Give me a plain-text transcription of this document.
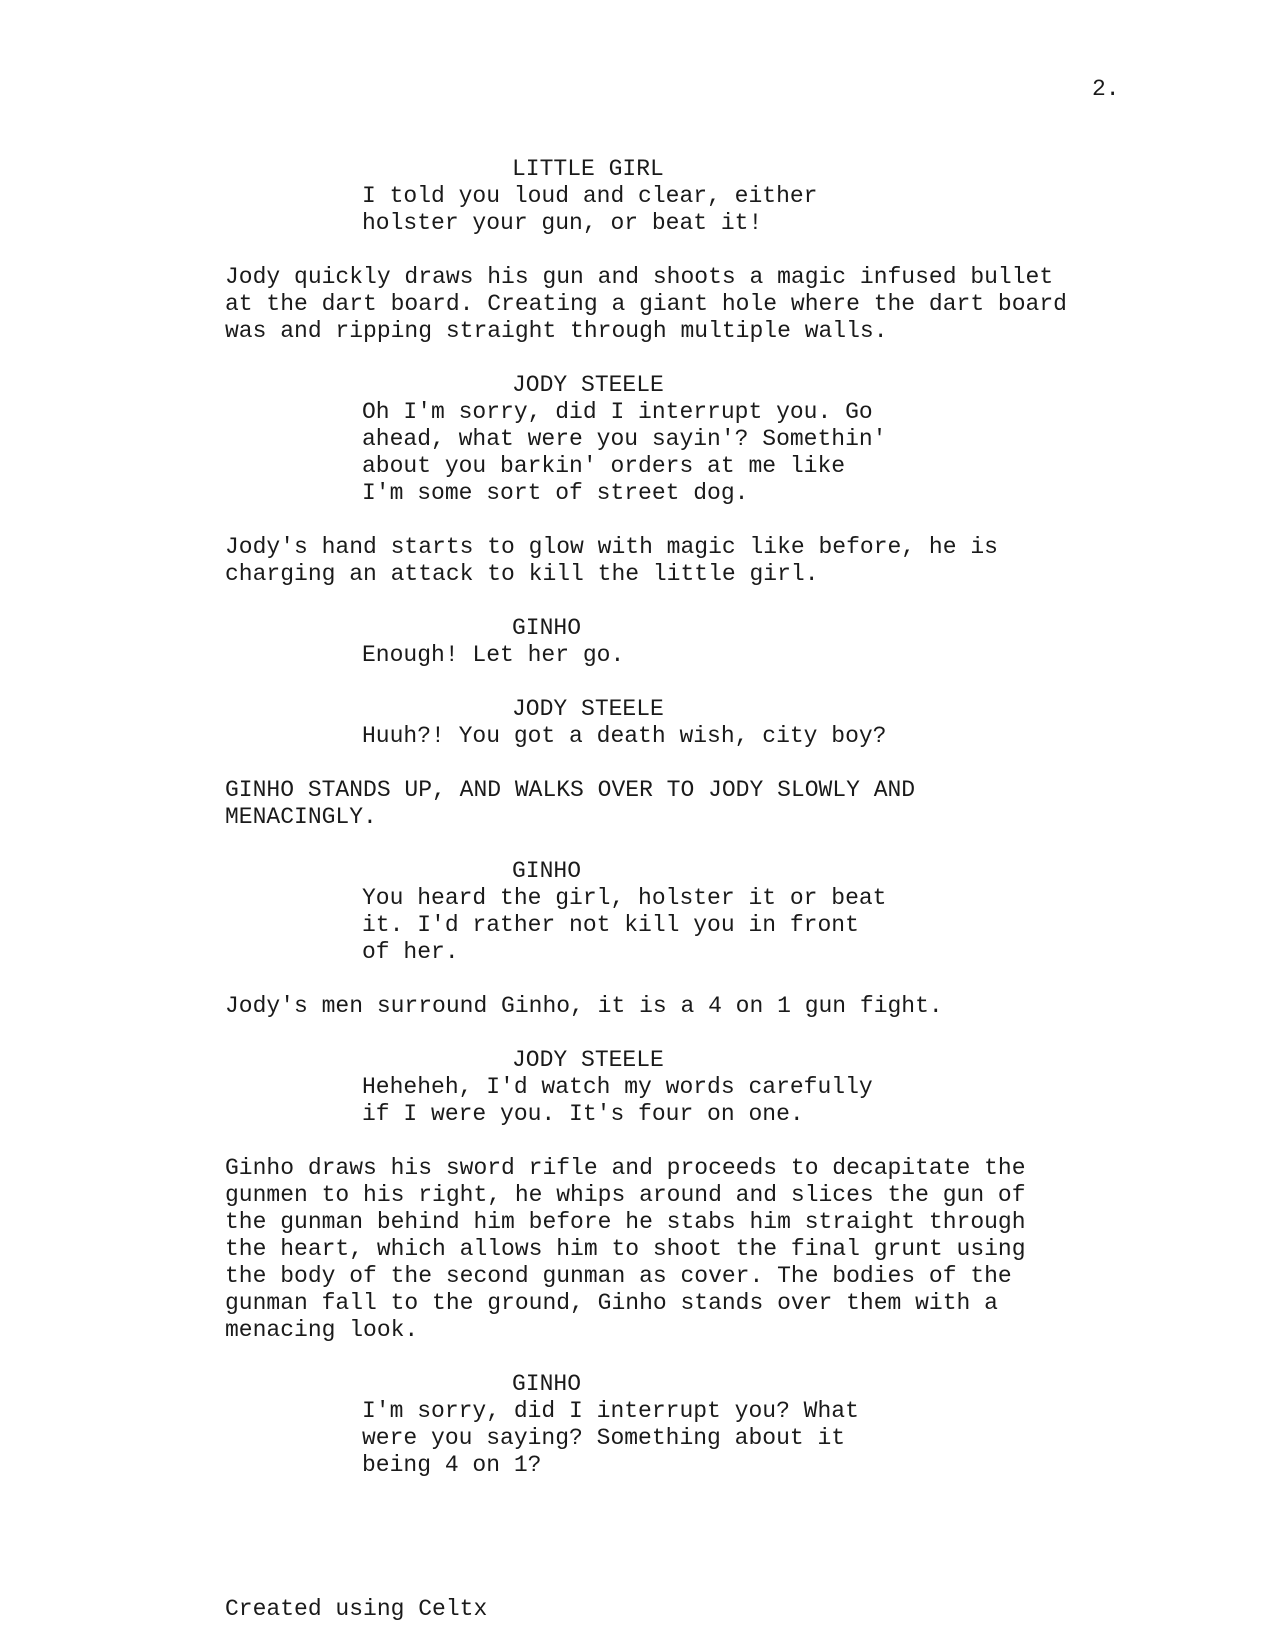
2.

LITTLE GIRL

I told you loud and clear, either
holster your gun, or beat it!

Jody quickly draws his gun and shoots a magic infused bullet
at the dart board. Creating a giant hole where the dart board
was and ripping straight through multiple walls.

JODY STEELE

Oh I'm sorry, did I interrupt you. Go
ahead, what were you sayin'? Somethin'
about you barkin' orders at me like
I'm some sort of street dog.

Jody's hand starts to glow with magic like before, he is
charging an attack to kill the little girl.

GINHO

Enough! Let her go.

JODY STEELE

Huuh?! You got a death wish, city boy?

GINHO STANDS UP, AND WALKS OVER TO JODY SLOWLY AND
MENACINGLY.

GINHO

You heard the girl, holster it or beat
it. I'd rather not kill you in front
of her.

Jody's men surround Ginho, it is a 4 on 1 gun fight.

JODY STEELE

Heheheh, I'd watch my words carefully
if I were you. It's four on one.

Ginho draws his sword rifle and proceeds to decapitate the
gunmen to his right, he whips around and slices the gun of
the gunman behind him before he stabs him straight through
the heart, which allows him to shoot the final grunt using
the body of the second gunman as cover. The bodies of the
gunman fall to the ground, Ginho stands over them with a
menacing look.

GINHO

I'm sorry, did I interrupt you? What
were you saying? Something about it
being 4 on 1?

Created using Celtx
